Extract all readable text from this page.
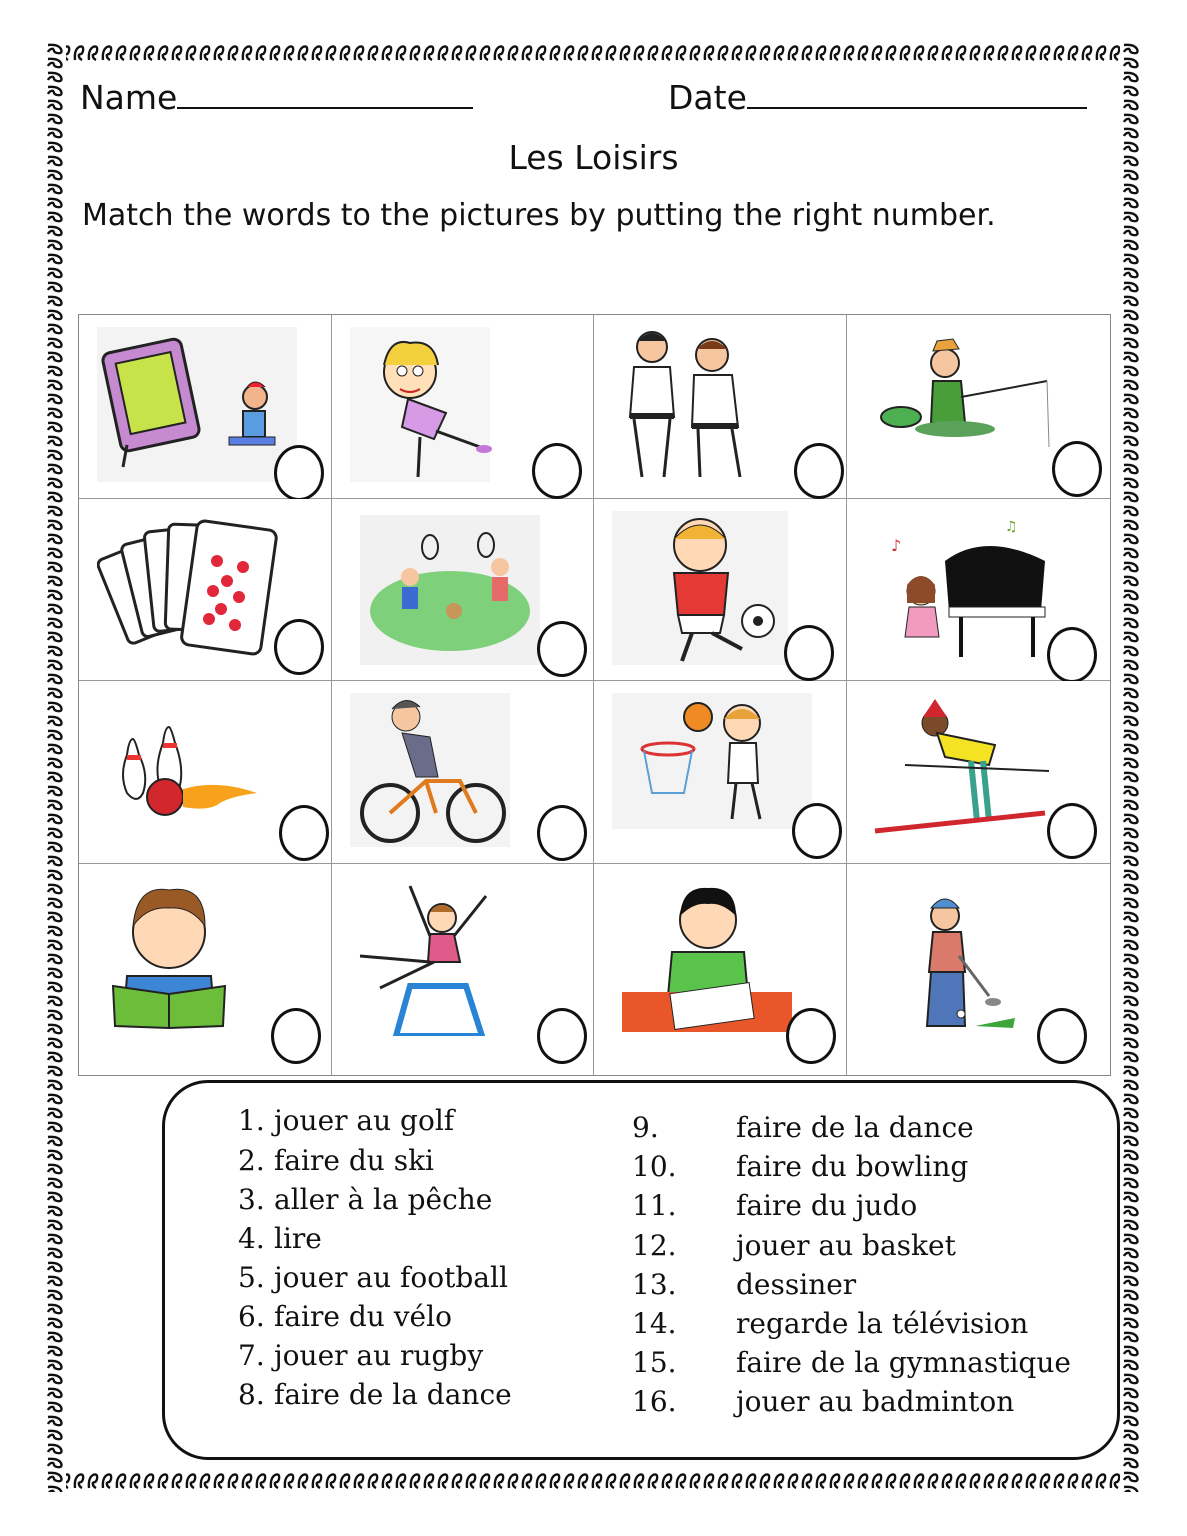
Name	Date
Les Loisirs
Match the words to the pictures by putting the right number.
♪
♫
1. jouer au golf
2. faire du ski
3. aller à la pêche
4. lire
5. jouer au football
6. faire du vélo
7. jouer au rugby
8. faire de la dance
9.	faire de la dance
10. faire du bowling
11. faire du judo
12. jouer au basket
13. dessiner
14. regarde la télévision
15. faire de la gymnastique
16. jouer au badminton
